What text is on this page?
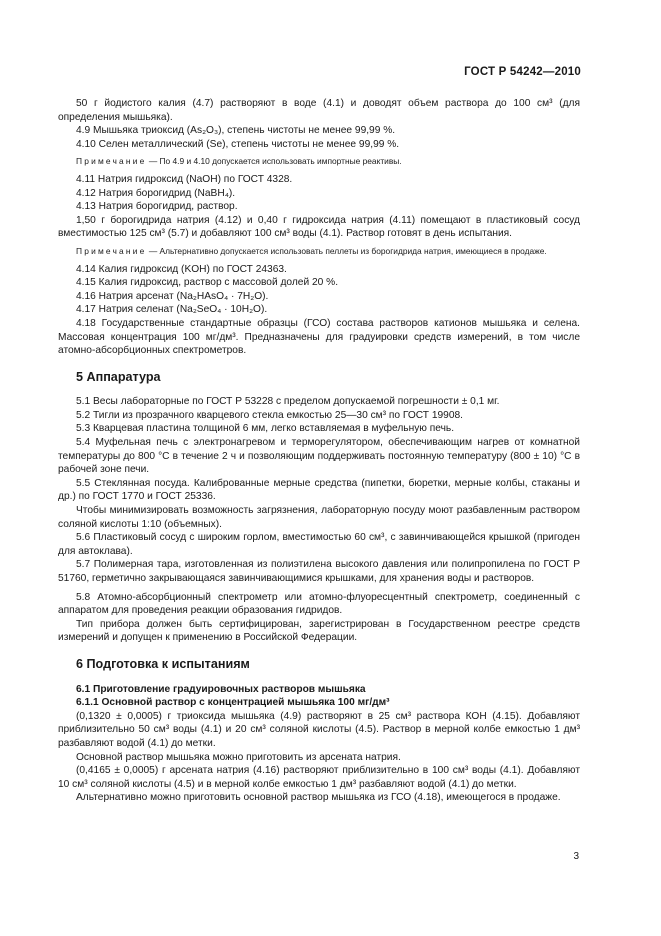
ГОСТ Р 54242—2010
50 г йодистого калия (4.7) растворяют в воде (4.1) и доводят объем раствора до 100 см³ (для определения мышьяка).
4.9 Мышьяка триоксид (As₂O₃), степень чистоты не менее 99,99 %.
4.10 Селен металлический (Se), степень чистоты не менее 99,99 %.
Примечание — По 4.9 и 4.10 допускается использовать импортные реактивы.
4.11 Натрия гидроксид (NaOH) по ГОСТ 4328.
4.12 Натрия борогидрид (NaBH₄).
4.13 Натрия борогидрид, раствор.
1,50 г борогидрида натрия (4.12) и 0,40 г гидроксида натрия (4.11) помещают в пластиковый сосуд вместимостью 125 см³ (5.7) и добавляют 100 см³ воды (4.1). Раствор готовят в день испытания.
Примечание — Альтернативно допускается использовать пеллеты из борогидрида натрия, имеющиеся в продаже.
4.14 Калия гидроксид (KOH) по ГОСТ 24363.
4.15 Калия гидроксид, раствор с массовой долей 20 %.
4.16 Натрия арсенат (Na₂HAsO₄ · 7H₂O).
4.17 Натрия селенат (Na₂SeO₄ · 10H₂O).
4.18 Государственные стандартные образцы (ГСО) состава растворов катионов мышьяка и селена. Массовая концентрация 100 мг/дм³. Предназначены для градуировки средств измерений, в том числе атомно-абсорбционных спектрометров.
5 Аппаратура
5.1 Весы лабораторные по ГОСТ Р 53228 с пределом допускаемой погрешности ± 0,1 мг.
5.2 Тигли из прозрачного кварцевого стекла емкостью 25—30 см³ по ГОСТ 19908.
5.3 Кварцевая пластина толщиной 6 мм, легко вставляемая в муфельную печь.
5.4 Муфельная печь с электронагревом и терморегулятором, обеспечивающим нагрев от комнатной температуры до 800 °С в течение 2 ч и позволяющим поддерживать постоянную температуру (800 ± 10) °С в рабочей зоне печи.
5.5 Стеклянная посуда. Калиброванные мерные средства (пипетки, бюретки, мерные колбы, стаканы и др.) по ГОСТ 1770 и ГОСТ 25336.
Чтобы минимизировать возможность загрязнения, лабораторную посуду моют разбавленным раствором соляной кислоты 1:10 (объемных).
5.6 Пластиковый сосуд с широким горлом, вместимостью 60 см³, с завинчивающейся крышкой (пригоден для автоклава).
5.7 Полимерная тара, изготовленная из полиэтилена высокого давления или полипропилена по ГОСТ Р 51760, герметично закрывающаяся завинчивающимися крышками, для хранения воды и растворов.
5.8 Атомно-абсорбционный спектрометр или атомно-флуоресцентный спектрометр, соединенный с аппаратом для проведения реакции образования гидридов.
Тип прибора должен быть сертифицирован, зарегистрирован в Государственном реестре средств измерений и допущен к применению в Российской Федерации.
6 Подготовка к испытаниям
6.1 Приготовление градуировочных растворов мышьяка
6.1.1 Основной раствор с концентрацией мышьяка 100 мг/дм³
(0,1320 ± 0,0005) г триоксида мышьяка (4.9) растворяют в 25 см³ раствора КОН (4.15). Добавляют приблизительно 50 см³ воды (4.1) и 20 см³ соляной кислоты (4.5). Раствор в мерной колбе емкостью 1 дм³ разбавляют водой (4.1) до метки.
Основной раствор мышьяка можно приготовить из арсената натрия.
(0,4165 ± 0,0005) г арсената натрия (4.16) растворяют приблизительно в 100 см³ воды (4.1). Добавляют 10 см³ соляной кислоты (4.5) и в мерной колбе емкостью 1 дм³ разбавляют водой (4.1) до метки.
Альтернативно можно приготовить основной раствор мышьяка из ГСО (4.18), имеющегося в продаже.
3
